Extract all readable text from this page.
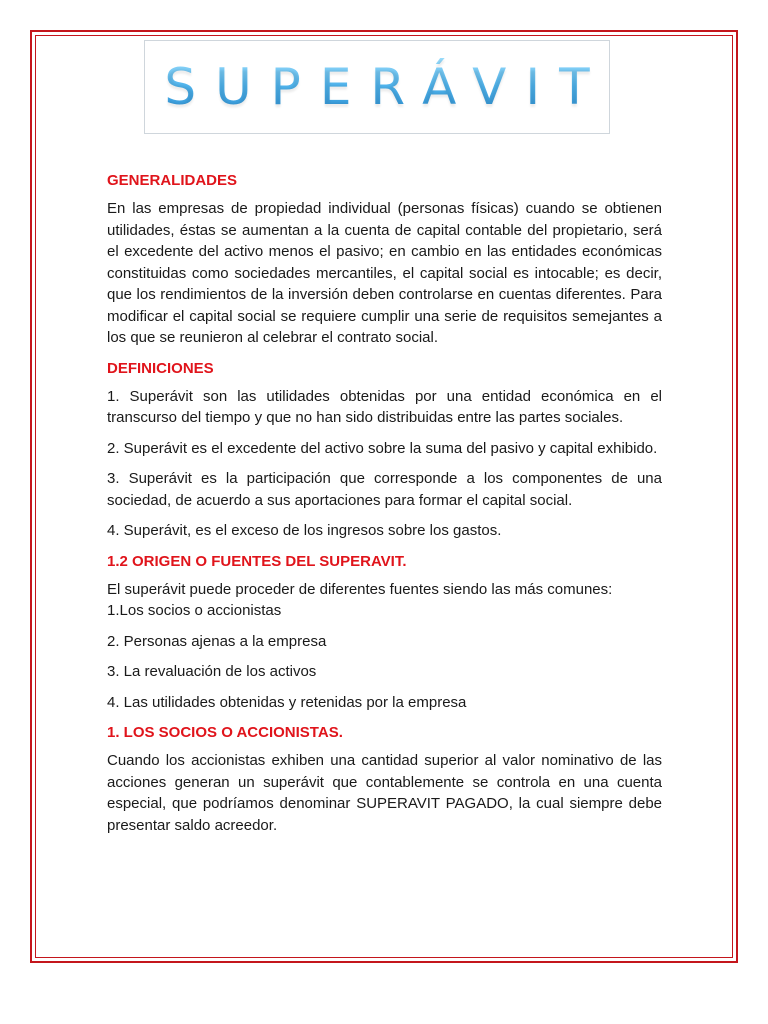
SUPERÁVIT
GENERALIDADES
En las empresas de propiedad individual (personas físicas) cuando se obtienen utilidades, éstas se aumentan a la cuenta de capital contable del propietario, será el excedente del activo menos el pasivo; en cambio en las entidades económicas constituidas como sociedades mercantiles, el capital social es intocable; es decir, que los rendimientos de la inversión deben controlarse en cuentas diferentes. Para modificar el capital social se requiere cumplir una serie de requisitos semejantes a los que se reunieron al celebrar el contrato social.
DEFINICIONES
1. Superávit son las utilidades obtenidas por una entidad económica en el transcurso del tiempo y que no han sido distribuidas entre las partes sociales.
2. Superávit es el excedente del activo sobre la suma del pasivo y capital exhibido.
3. Superávit es la participación que corresponde a los componentes de una sociedad, de acuerdo a sus aportaciones para formar el capital social.
4. Superávit, es el exceso de los ingresos sobre los gastos.
1.2 ORIGEN O FUENTES DEL SUPERAVIT.
El superávit puede proceder de diferentes fuentes siendo las más comunes:
1.Los socios o accionistas
2. Personas ajenas a la empresa
3. La revaluación de los activos
4. Las utilidades obtenidas y retenidas por la empresa
1. LOS SOCIOS O ACCIONISTAS.
Cuando los accionistas exhiben una cantidad superior al valor nominativo de las acciones generan un superávit que contablemente se controla en una cuenta especial, que podríamos denominar SUPERAVIT PAGADO, la cual siempre debe presentar saldo acreedor.
